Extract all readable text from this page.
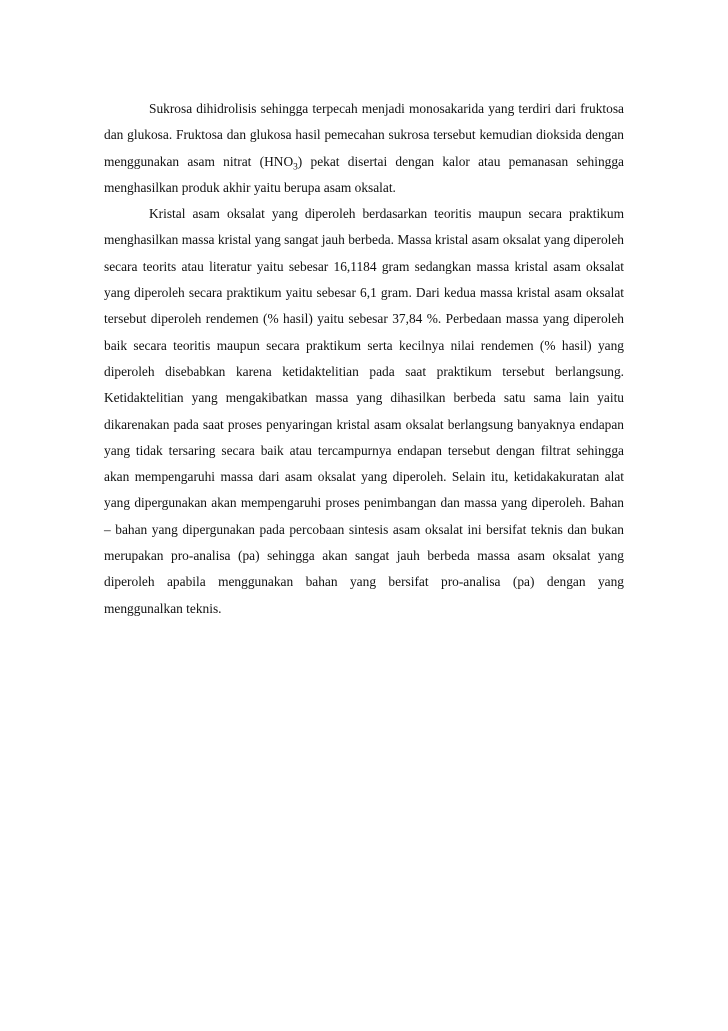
Sukrosa dihidrolisis sehingga terpecah menjadi monosakarida yang terdiri dari fruktosa dan glukosa. Fruktosa dan glukosa hasil pemecahan sukrosa tersebut kemudian dioksida dengan menggunakan asam nitrat $(HNO_3)$ pekat disertai dengan kalor atau pemanasan sehingga menghasilkan produk akhir yaitu berupa asam oksalat.

Kristal asam oksalat yang diperoleh berdasarkan teoritis maupun secara praktikum menghasilkan massa kristal yang sangat jauh berbeda. Massa kristal asam oksalat yang diperoleh secara teorits atau literatur yaitu sebesar 16,1184 gram sedangkan massa kristal asam oksalat yang diperoleh secara praktikum yaitu sebesar 6,1 gram. Dari kedua massa kristal asam oksalat tersebut diperoleh rendemen (% hasil) yaitu sebesar 37,84 %. Perbedaan massa yang diperoleh baik secara teoritis maupun secara praktikum serta kecilnya nilai rendemen (% hasil) yang diperoleh disebabkan karena ketidaktelitian pada saat praktikum tersebut berlangsung. Ketidaktelitian yang mengakibatkan massa yang dihasilkan berbeda satu sama lain yaitu dikarenakan pada saat proses penyaringan kristal asam oksalat berlangsung banyaknya endapan yang tidak tersaring secara baik atau tercampurnya endapan tersebut dengan filtrat sehingga akan mempengaruhi massa dari asam oksalat yang diperoleh. Selain itu, ketidakakuratan alat yang dipergunakan akan mempengaruhi proses penimbangan dan massa yang diperoleh. Bahan – bahan yang dipergunakan pada percobaan sintesis asam oksalat ini bersifat teknis dan bukan merupakan pro-analisa (pa) sehingga akan sangat jauh berbeda massa asam oksalat yang diperoleh apabila menggunakan bahan yang bersifat pro-analisa (pa) dengan yang menggunalkan teknis.
